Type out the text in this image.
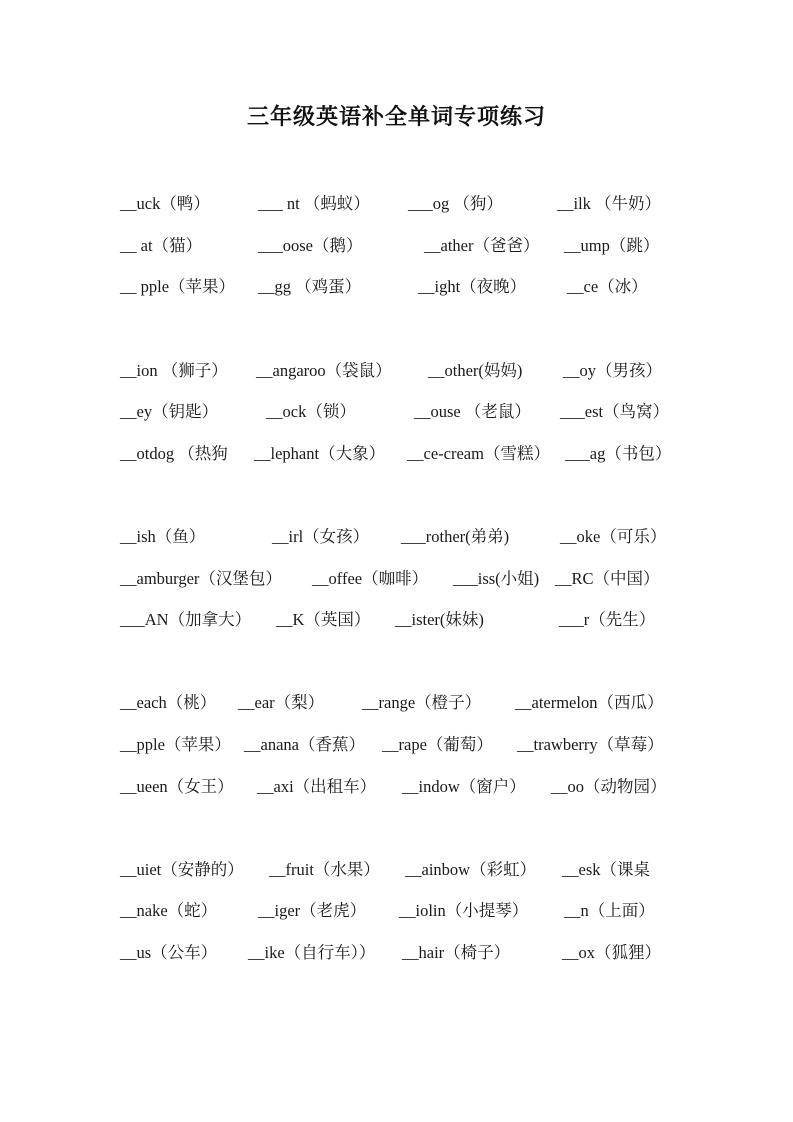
三年级英语补全单词专项练习
__uck（鸭）	___ nt （蚂蚁） ___og （狗）	__ilk （牛奶）
__ at（猫）	___oose（鹅）	__ather（爸爸） __ump（跳）
__ pple（苹果） __gg （鸡蛋）	__ight（夜晚） __ce（冰）
__ion （狮子） __angaroo（袋鼠） __other(妈妈) __oy（男孩）
__ey（钥匙）	__ock（锁）	__ouse （老鼠） ___est（鸟窝）
__otdog （热狗 __lephant（大象） __ce-cream（雪糕） ___ag（书包）
__ish（鱼）	__irl（女孩） ___rother(弟弟)	__oke（可乐）
__amburger（汉堡包） __offee（咖啡） ___iss(小姐) __RC（中国）
___AN（加拿大） __K（英国） __ister(妹妹)	___r（先生）
__each（桃） __ear（梨） __range（橙子） __atermelon（西瓜）
__pple（苹果） __anana（香蕉） __rape（葡萄） __trawberry（草莓）
__ueen（女王） __axi（出租车） __indow（窗户） __oo（动物园）
__uiet（安静的） __fruit（水果） __ainbow（彩虹） __esk（课桌
__nake（蛇） __iger（老虎） __iolin（小提琴） __n（上面）
__us（公车） __ike（自行车）） __hair（椅子）	__ox（狐狸）
